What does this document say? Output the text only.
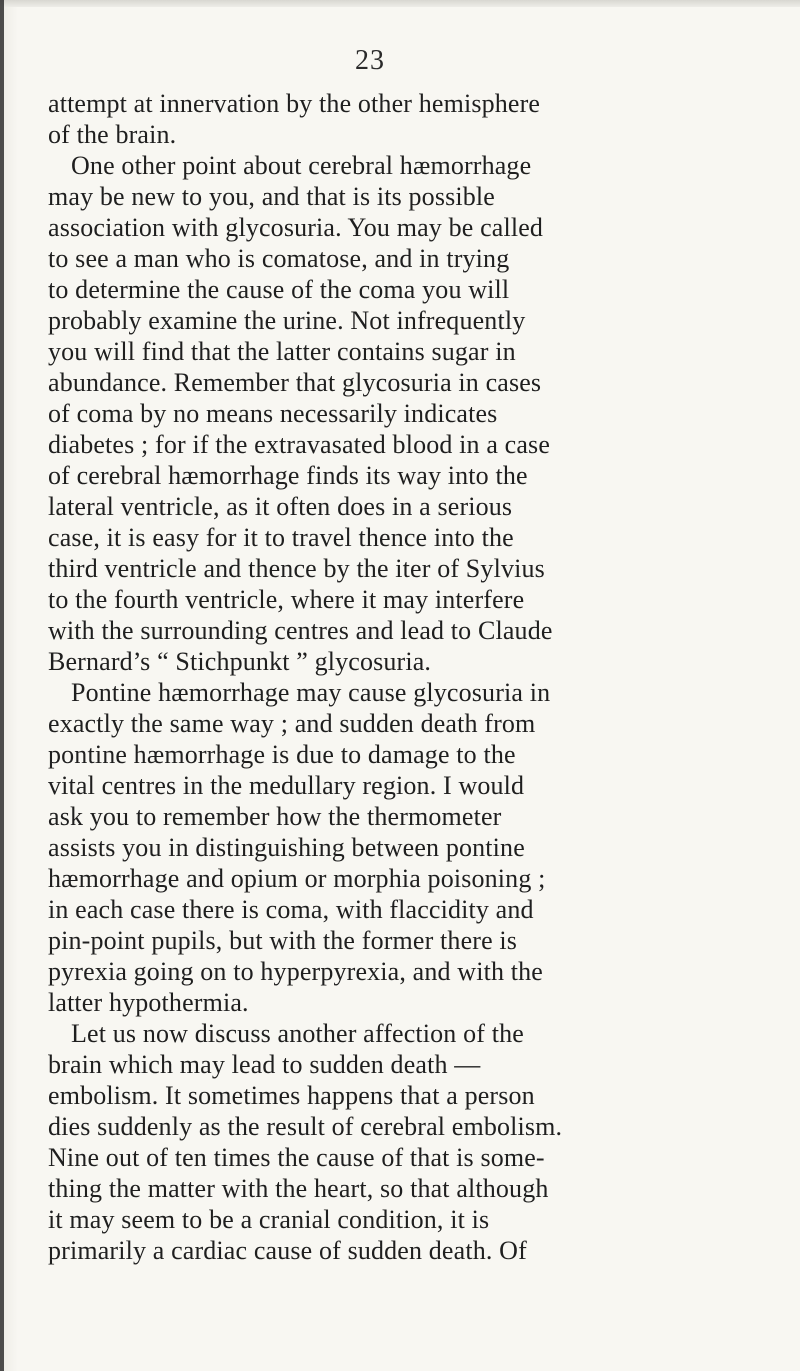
23
attempt at innervation by the other hemisphere
of the brain.
One other point about cerebral hæmorrhage
may be new to you, and that is its possible
association with glycosuria. You may be called
to see a man who is comatose, and in trying
to determine the cause of the coma you will
probably examine the urine. Not infrequently
you will find that the latter contains sugar in
abundance. Remember that glycosuria in cases
of coma by no means necessarily indicates
diabetes ; for if the extravasated blood in a case
of cerebral hæmorrhage finds its way into the
lateral ventricle, as it often does in a serious
case, it is easy for it to travel thence into the
third ventricle and thence by the iter of Sylvius
to the fourth ventricle, where it may interfere
with the surrounding centres and lead to Claude
Bernard’s “ Stichpunkt ” glycosuria.
Pontine hæmorrhage may cause glycosuria in
exactly the same way ; and sudden death from
pontine hæmorrhage is due to damage to the
vital centres in the medullary region. I would
ask you to remember how the thermometer
assists you in distinguishing between pontine
hæmorrhage and opium or morphia poisoning ;
in each case there is coma, with flaccidity and
pin-point pupils, but with the former there is
pyrexia going on to hyperpyrexia, and with the
latter hypothermia.
Let us now discuss another affection of the
brain which may lead to sudden death —
embolism. It sometimes happens that a person
dies suddenly as the result of cerebral embolism.
Nine out of ten times the cause of that is some-
thing the matter with the heart, so that although
it may seem to be a cranial condition, it is
primarily a cardiac cause of sudden death. Of
